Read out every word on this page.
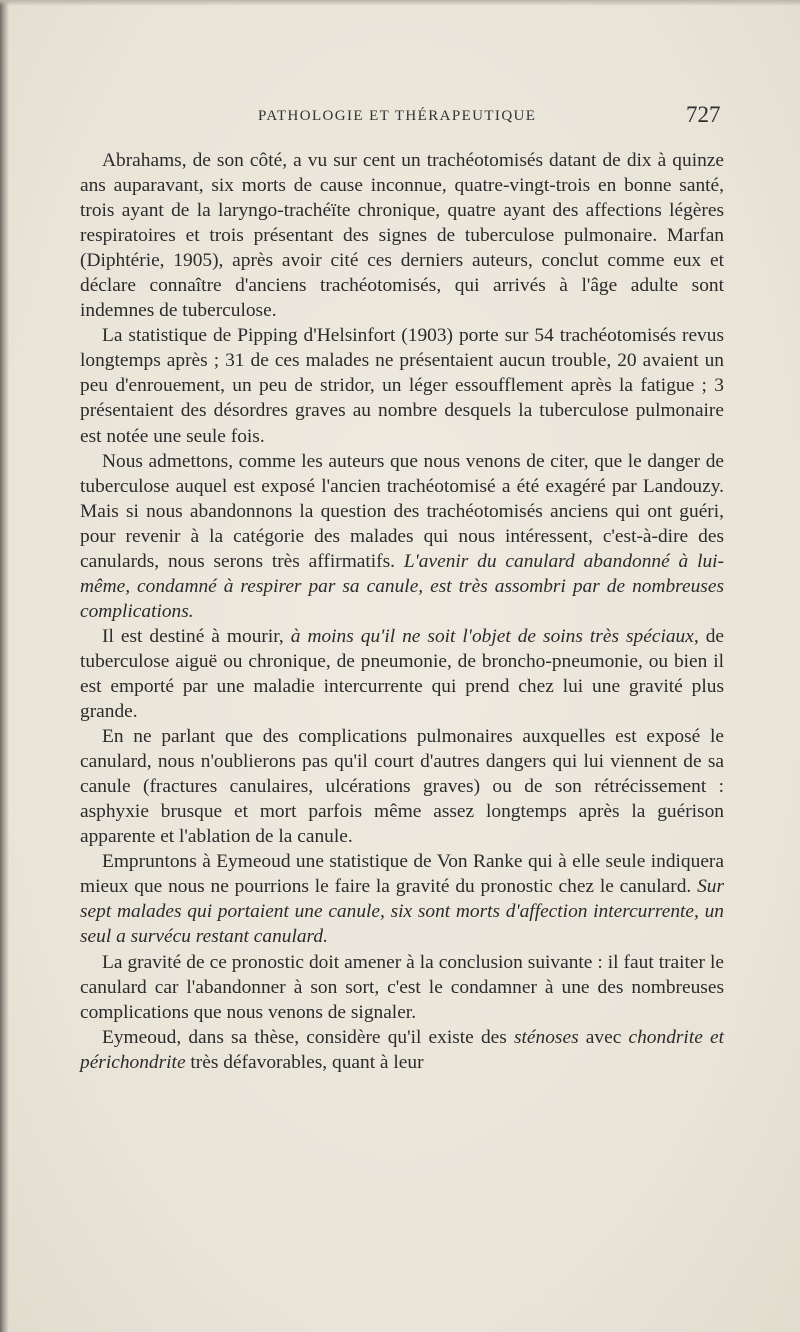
PATHOLOGIE ET THÉRAPEUTIQUE	727

Abrahams, de son côté, a vu sur cent un trachéotomisés datant de dix à quinze ans auparavant, six morts de cause inconnue, quatre-vingt-trois en bonne santé, trois ayant de la laryngo-trachéïte chronique, quatre ayant des affections légères respiratoires et trois présentant des signes de tuberculose pulmonaire. Marfan (Diphtérie, 1905), après avoir cité ces derniers auteurs, conclut comme eux et déclare connaître d'anciens trachéotomisés, qui arrivés à l'âge adulte sont indemnes de tuberculose.

La statistique de Pipping d'Helsinfort (1903) porte sur 54 trachéotomisés revus longtemps après ; 31 de ces malades ne présentaient aucun trouble, 20 avaient un peu d'enrouement, un peu de stridor, un léger essoufflement après la fatigue ; 3 présentaient des désordres graves au nombre desquels la tuberculose pulmonaire est notée une seule fois.

Nous admettons, comme les auteurs que nous venons de citer, que le danger de tuberculose auquel est exposé l'ancien trachéotomisé a été exagéré par Landouzy. Mais si nous abandonnons la question des trachéotomisés anciens qui ont guéri, pour revenir à la catégorie des malades qui nous intéressent, c'est-à-dire des canulards, nous serons très affirmatifs. L'avenir du canulard abandonné à lui-même, condamné à respirer par sa canule, est très assombri par de nombreuses complications.

Il est destiné à mourir, à moins qu'il ne soit l'objet de soins très spéciaux, de tuberculose aiguë ou chronique, de pneumonie, de broncho-pneumonie, ou bien il est emporté par une maladie intercurrente qui prend chez lui une gravité plus grande.

En ne parlant que des complications pulmonaires auxquelles est exposé le canulard, nous n'oublierons pas qu'il court d'autres dangers qui lui viennent de sa canule (fractures canulaires, ulcérations graves) ou de son rétrécissement : asphyxie brusque et mort parfois même assez longtemps après la guérison apparente et l'ablation de la canule.

Empruntons à Eymeoud une statistique de Von Ranke qui à elle seule indiquera mieux que nous ne pourrions le faire la gravité du pronostic chez le canulard. Sur sept malades qui portaient une canule, six sont morts d'affection intercurrente, un seul a survécu restant canulard.

La gravité de ce pronostic doit amener à la conclusion suivante : il faut traiter le canulard car l'abandonner à son sort, c'est le condamner à une des nombreuses complications que nous venons de signaler.

Eymeoud, dans sa thèse, considère qu'il existe des sténoses avec chondrite et périchondrite très défavorables, quant à leur
